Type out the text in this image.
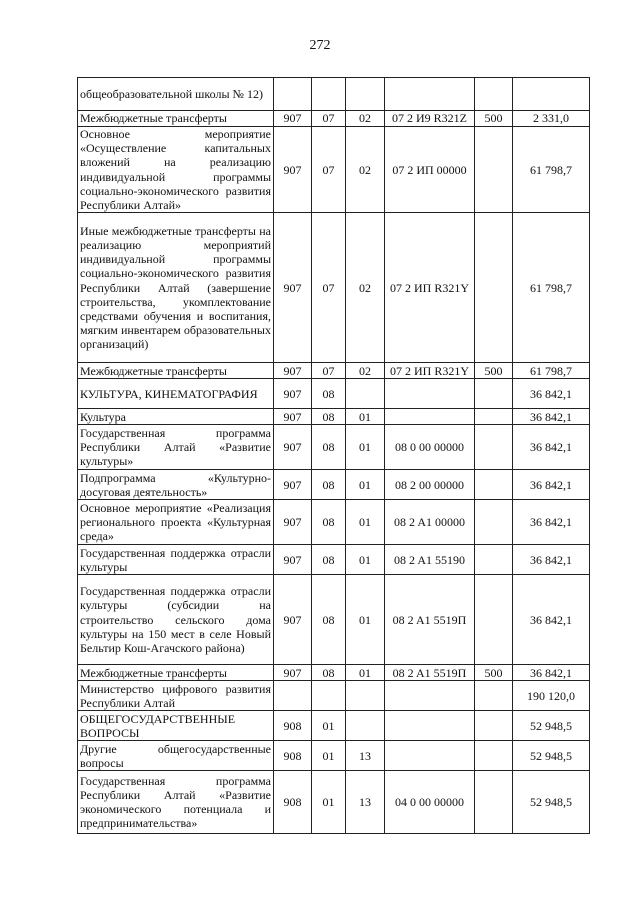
272
общеобразовательной школы № 12)						
Межбюджетные трансферты	907	07	02	07 2 И9 R321Z	500	2 331,0
Основное мероприятие «Осуществление капитальных вложений на реализацию индивидуальной программы социально-экономического развития Республики Алтай»	907	07	02	07 2 ИП 00000		61 798,7
Иные межбюджетные трансферты на реализацию мероприятий индивидуальной программы социально-экономического развития Республики Алтай (завершение строительства, укомплектование средствами обучения и воспитания, мягким инвентарем образовательных организаций)	907	07	02	07 2 ИП R321Y		61 798,7
Межбюджетные трансферты	907	07	02	07 2 ИП R321Y	500	61 798,7
КУЛЬТУРА, КИНЕМАТОГРАФИЯ	907	08				36 842,1
Культура	907	08	01			36 842,1
Государственная программа Республики Алтай «Развитие культуры»	907	08	01	08 0 00 00000		36 842,1
Подпрограмма «Культурно-досуговая деятельность»	907	08	01	08 2 00 00000		36 842,1
Основное мероприятие «Реализация регионального проекта «Культурная среда»	907	08	01	08 2 A1 00000		36 842,1
Государственная поддержка отрасли культуры	907	08	01	08 2 A1 55190		36 842,1
Государственная поддержка отрасли культуры (субсидии на строительство сельского дома культуры на 150 мест в селе Новый Бельтир Кош-Агачского района)	907	08	01	08 2 A1 5519П		36 842,1
Межбюджетные трансферты	907	08	01	08 2 A1 5519П	500	36 842,1
Министерство цифрового развития Республики Алтай						190 120,0
ОБЩЕГОСУДАРСТВЕННЫЕ ВОПРОСЫ	908	01				52 948,5
Другие общегосударственные вопросы	908	01	13			52 948,5
Государственная программа Республики Алтай «Развитие экономического потенциала и предпринимательства»	908	01	13	04 0 00 00000		52 948,5
